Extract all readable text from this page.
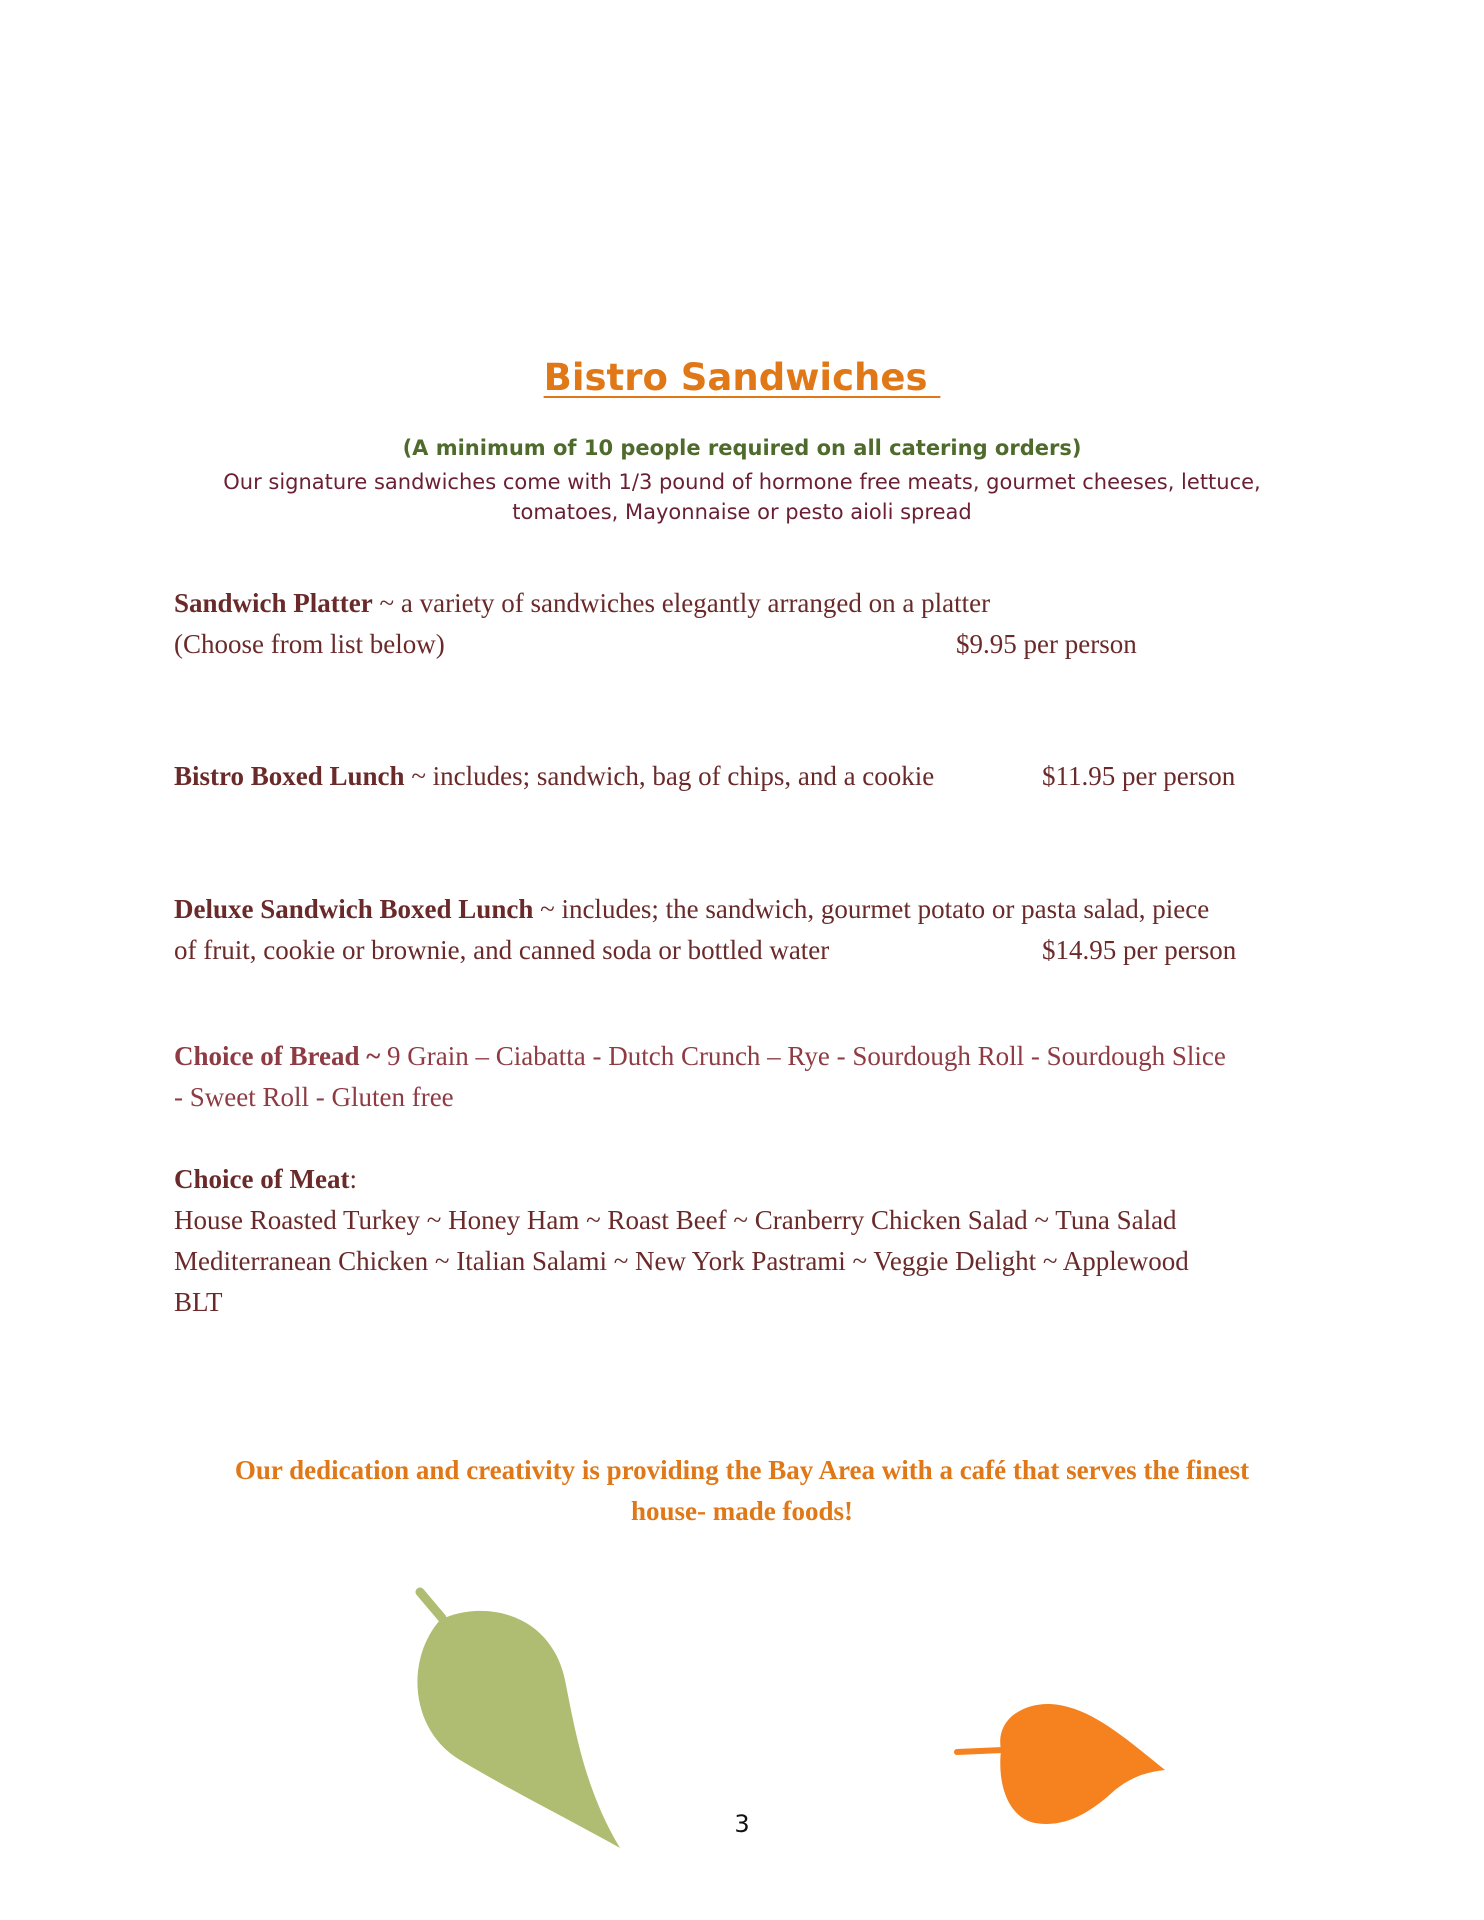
Bistro Sandwiches
(A minimum of 10 people required on all catering orders)
Our signature sandwiches come with 1/3 pound of hormone free meats, gourmet cheeses, lettuce,
tomatoes, Mayonnaise or pesto aioli spread
Sandwich Platter ~ a variety of sandwiches elegantly arranged on a platter
(Choose from list below)	$9.95 per person
Bistro Boxed Lunch ~ includes; sandwich, bag of chips, and a cookie	$11.95 per person
Deluxe Sandwich Boxed Lunch ~ includes; the sandwich, gourmet potato or pasta salad, piece
of fruit, cookie or brownie, and canned soda or bottled water	$14.95 per person
Choice of Bread ~ 9 Grain – Ciabatta - Dutch Crunch – Rye - Sourdough Roll - Sourdough Slice
- Sweet Roll - Gluten free
Choice of Meat:
House Roasted Turkey ~ Honey Ham ~ Roast Beef ~ Cranberry Chicken Salad ~ Tuna Salad
Mediterranean Chicken ~ Italian Salami ~ New York Pastrami ~ Veggie Delight ~ Applewood
BLT
Our dedication and creativity is providing the Bay Area with a café that serves the finest
house- made foods!
3
